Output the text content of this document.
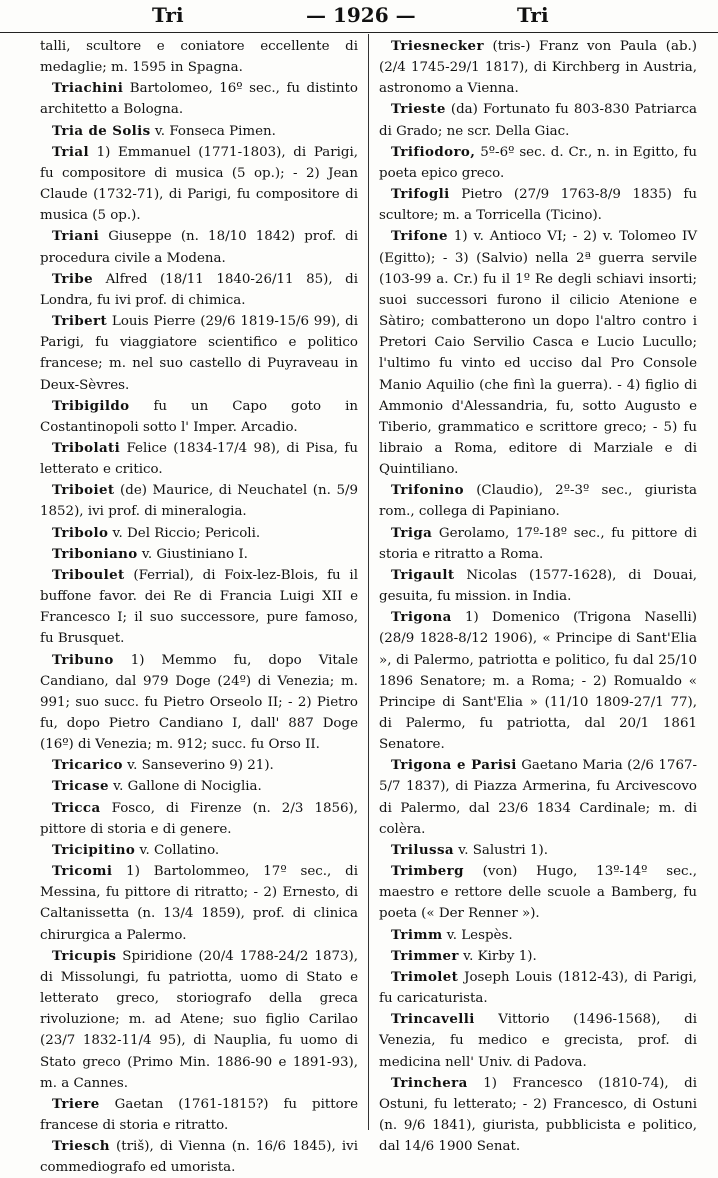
Tri	— 1926 —	Tri

talli, scultore e coniatore eccellente di medaglie; m. 1595 in Spagna.

Triachini Bartolomeo, 16º sec., fu distinto architetto a Bologna.

Tria de Solis v. Fonseca Pimen.

Trial 1) Emmanuel (1771-1803), di Parigi, fu compositore di musica (5 op.); - 2) Jean Claude (1732-71), di Parigi, fu compositore di musica (5 op.).

Triani Giuseppe (n. 18/10 1842) prof. di procedura civile a Modena.

Tribe Alfred (18/11 1840-26/11 85), di Londra, fu ivi prof. di chimica.

Tribert Louis Pierre (29/6 1819-15/6 99), di Parigi, fu viaggiatore scientifico e politico francese; m. nel suo castello di Puyraveau in Deux-Sèvres.

Tribigildo fu un Capo goto in Costantinopoli sotto l' Imper. Arcadio.

Tribolati Felice (1834-17/4 98), di Pisa, fu letterato e critico.

Triboiet (de) Maurice, di Neuchatel (n. 5/9 1852), ivi prof. di mineralogia.

Tribolo v. Del Riccio; Pericoli.

Triboniano v. Giustiniano I.

Triboulet (Ferrial), di Foix-lez-Blois, fu il buffone favor. dei Re di Francia Luigi XII e Francesco I; il suo successore, pure famoso, fu Brusquet.

Tribuno 1) Memmo fu, dopo Vitale Candiano, dal 979 Doge (24º) di Venezia; m. 991; suo succ. fu Pietro Orseolo II; - 2) Pietro fu, dopo Pietro Candiano I, dall' 887 Doge (16º) di Venezia; m. 912; succ. fu Orso II.

Tricarico v. Sanseverino 9) 21).

Tricase v. Gallone di Nociglia.

Tricca Fosco, di Firenze (n. 2/3 1856), pittore di storia e di genere.

Tricipitino v. Collatino.

Tricomi 1) Bartolommeo, 17º sec., di Messina, fu pittore di ritratto; - 2) Ernesto, di Caltanissetta (n. 13/4 1859), prof. di clinica chirurgica a Palermo.

Tricupis Spiridione (20/4 1788-24/2 1873), di Missolungi, fu patriotta, uomo di Stato e letterato greco, storiografo della greca rivoluzione; m. ad Atene; suo figlio Carilao (23/7 1832-11/4 95), di Nauplia, fu uomo di Stato greco (Primo Min. 1886-90 e 1891-93), m. a Cannes.

Triere Gaetan (1761-1815?) fu pittore francese di storia e ritratto.

Triesch (triš), di Vienna (n. 16/6 1845), ivi commediografo ed umorista.

Triesnecker (tris-) Franz von Paula (ab.) (2/4 1745-29/1 1817), di Kirchberg in Austria, astronomo a Vienna.

Trieste (da) Fortunato fu 803-830 Patriarca di Grado; ne scr. Della Giac.

Trifiodoro, 5º-6º sec. d. Cr., n. in Egitto, fu poeta epico greco.

Trifogli Pietro (27/9 1763-8/9 1835) fu scultore; m. a Torricella (Ticino).

Trifone 1) v. Antioco VI; - 2) v. Tolomeo IV (Egitto); - 3) (Salvio) nella 2ª guerra servile (103-99 a. Cr.) fu il 1º Re degli schiavi insorti; suoi successori furono il cilicio Atenione e Sàtiro; combatterono un dopo l'altro contro i Pretori Caio Servilio Casca e Lucio Lucullo; l'ultimo fu vinto ed ucciso dal Pro Console Manio Aquilio (che finì la guerra). - 4) figlio di Ammonio d'Alessandria, fu, sotto Augusto e Tiberio, grammatico e scrittore greco; - 5) fu libraio a Roma, editore di Marziale e di Quintiliano.

Trifonino (Claudio), 2º-3º sec., giurista rom., collega di Papiniano.

Triga Gerolamo, 17º-18º sec., fu pittore di storia e ritratto a Roma.

Trigault Nicolas (1577-1628), di Douai, gesuita, fu mission. in India.

Trigona 1) Domenico (Trigona Naselli) (28/9 1828-8/12 1906), « Principe di Sant'Elia », di Palermo, patriotta e politico, fu dal 25/10 1896 Senatore; m. a Roma; - 2) Romualdo « Principe di Sant'Elia » (11/10 1809-27/1 77), di Palermo, fu patriotta, dal 20/1 1861 Senatore.

Trigona e Parisi Gaetano Maria (2/6 1767-5/7 1837), di Piazza Armerina, fu Arcivescovo di Palermo, dal 23/6 1834 Cardinale; m. di colèra.

Trilussa v. Salustri 1).

Trimberg (von) Hugo, 13º-14º sec., maestro e rettore delle scuole a Bamberg, fu poeta (« Der Renner »).

Trimm v. Lespès.

Trimmer v. Kirby 1).

Trimolet Joseph Louis (1812-43), di Parigi, fu caricaturista.

Trincavelli Vittorio (1496-1568), di Venezia, fu medico e grecista, prof. di medicina nell' Univ. di Padova.

Trinchera 1) Francesco (1810-74), di Ostuni, fu letterato; - 2) Francesco, di Ostuni (n. 9/6 1841), giurista, pubblicista e politico, dal 14/6 1900 Senat.
